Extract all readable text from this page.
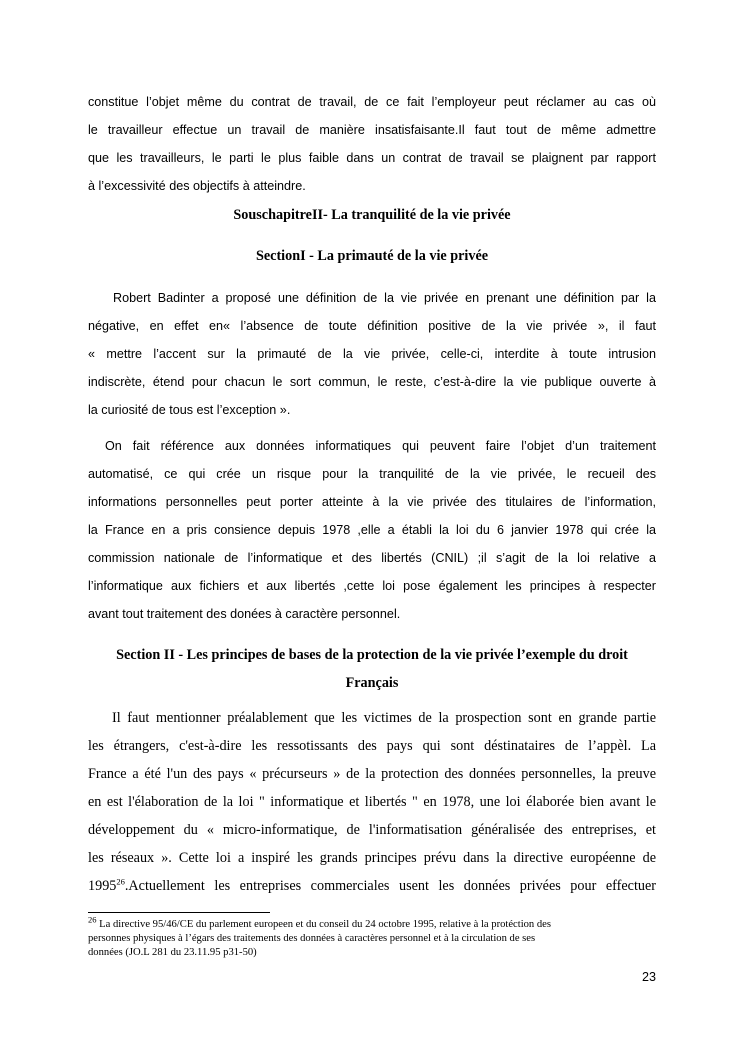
constitue l’objet même du contrat de travail, de ce fait l’employeur peut réclamer au cas où
le travailleur effectue un travail de manière insatisfaisante.Il faut tout de même admettre
que les travailleurs, le parti le plus faible dans un contrat de travail se plaignent par rapport
à l’excessivité des objectifs à atteindre.
SouschapitreII- La tranquilité de la vie privée
SectionI - La primauté de la vie privée
Robert Badinter a proposé une définition de la vie privée en prenant une définition par la
négative, en effet en« l’absence de toute définition positive de la vie privée », il faut
« mettre l’accent sur la primauté de la vie privée, celle-ci, interdite à toute intrusion
indiscrète, étend pour chacun le sort commun, le reste, c’est-à-dire la vie publique ouverte à
la curiosité de tous est l’exception ».
On fait référence aux données informatiques qui peuvent faire l’objet d’un traitement
automatisé, ce qui crée un risque pour la tranquilité de la vie privée, le recueil des
informations personnelles peut porter atteinte à la vie privée des titulaires de l’information,
la France en a pris consience depuis 1978 ,elle a établi la loi du 6 janvier 1978 qui crée la
commission nationale de l’informatique et des libertés (CNIL) ;il s’agit de la loi relative a
l’informatique aux fichiers et aux libertés ,cette loi pose également les principes à respecter
avant tout traitement des donées à caractère personnel.
Section II - Les principes de bases de la protection de la vie privée l’exemple du droit
Français
Il faut mentionner préalablement que les victimes de la prospection sont en grande partie
les étrangers, c'est-à-dire les ressotissants des pays qui sont déstinataires de l’appèl. La
France a été l'un des pays « précurseurs » de la protection des données personnelles, la preuve
en est l'élaboration de la loi " informatique et libertés " en 1978, une loi élaborée bien avant le
développement du « micro-informatique, de l'informatisation généralisée des entreprises, et
les réseaux ». Cette loi a inspiré les grands principes prévu dans la directive européenne de
1995$^{26}$.Actuellement les entreprises commerciales usent les données privées pour effectuer
$^{26}$ La directive 95/46/CE du parlement europeen et du conseil du 24 octobre 1995, relative à la protéction des
personnes physiques à l’égars des traitements des données à caractères personnel et à la circulation de ses
données (JO.L 281 du 23.11.95 p31-50)
23
